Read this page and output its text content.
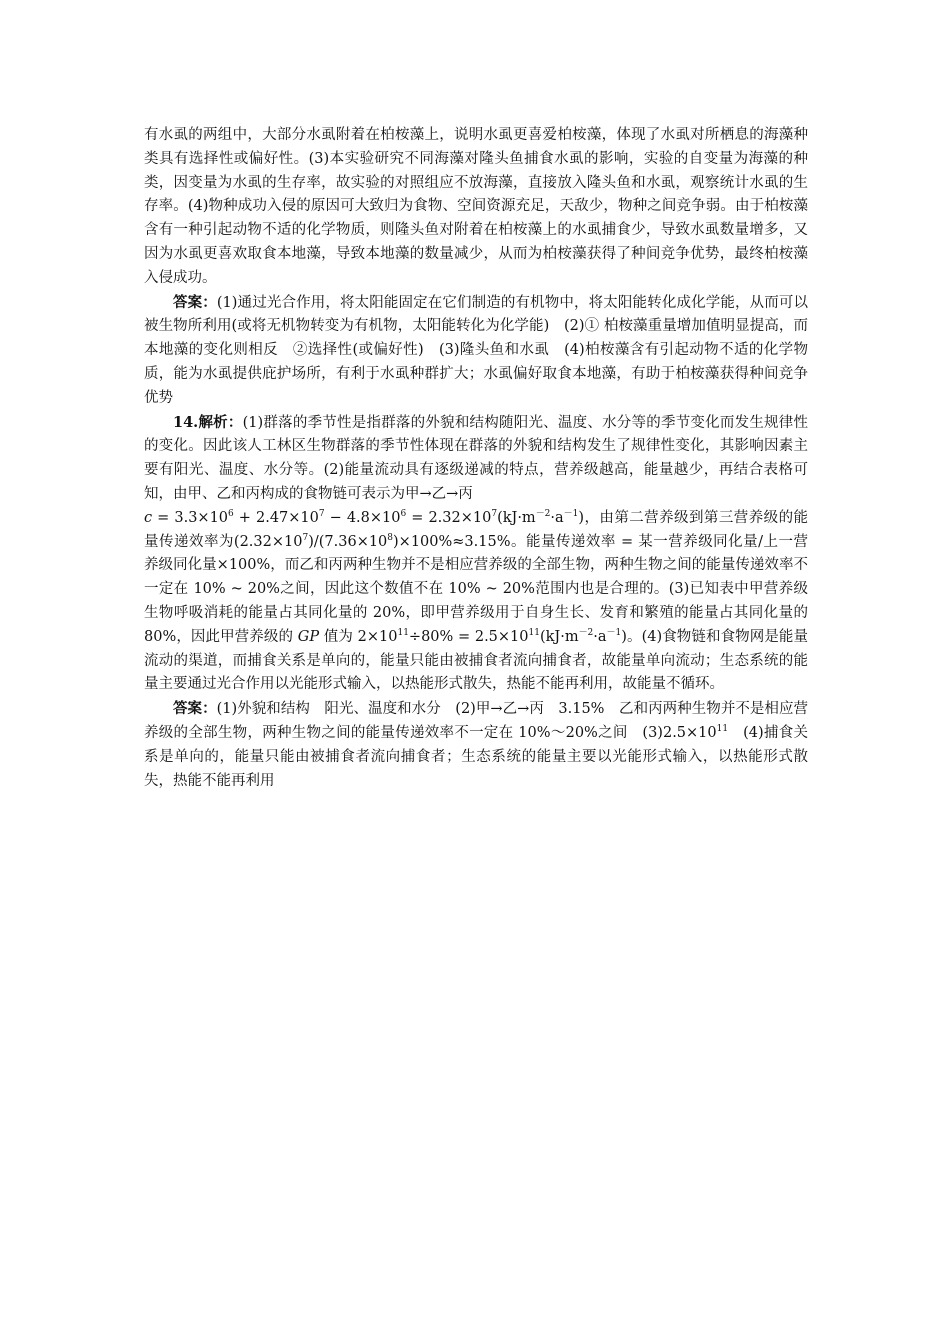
有水虱的两组中，大部分水虱附着在柏桉藻上，说明水虱更喜爱柏桉藻，体现了水虱对所栖息的海藻种类具有选择性或偏好性。(3)本实验研究不同海藻对隆头鱼捕食水虱的影响，实验的自变量为海藻的种类，因变量为水虱的生存率，故实验的对照组应不放海藻，直接放入隆头鱼和水虱，观察统计水虱的生存率。(4)物种成功入侵的原因可大致归为食物、空间资源充足，天敌少，物种之间竞争弱。由于柏桉藻含有一种引起动物不适的化学物质，则隆头鱼对附着在柏桉藻上的水虱捕食少，导致水虱数量增多，又因为水虱更喜欢取食本地藻，导致本地藻的数量减少，从而为柏桉藻获得了种间竞争优势，最终柏桉藻入侵成功。

答案：(1)通过光合作用，将太阳能固定在它们制造的有机物中，将太阳能转化成化学能，从而可以被生物所利用(或将无机物转变为有机物，太阳能转化为化学能)　(2)① 柏桉藻重量增加值明显提高，而本地藻的变化则相反　②选择性(或偏好性)　(3)隆头鱼和水虱　(4)柏桉藻含有引起动物不适的化学物质，能为水虱提供庇护场所，有利于水虱种群扩大；水虱偏好取食本地藻，有助于柏桉藻获得种间竞争优势

14.解析：(1)群落的季节性是指群落的外貌和结构随阳光、温度、水分等的季节变化而发生规律性的变化。因此该人工林区生物群落的季节性体现在群落的外貌和结构发生了规律性变化，其影响因素主要有阳光、温度、水分等。(2)能量流动具有逐级递减的特点，营养级越高，能量越少，再结合表格可知，由甲、乙和丙构成的食物链可表示为甲→乙→丙
$c = 3.3\times 10^6 + 2.47\times 10^7 - 4.8\times 10^6 = 2.32\times 10^7(kJ\cdot m^{-2}\cdot a^{-1})$，由第二营养级到第三营养级的能量传递效率为$(2.32\times 10^7)/(7.36\times 10^8)\times 100\%\approx 3.15\%$。能量传递效率 = 某一营养级同化量/上一营养级同化量×100%，而乙和丙两种生物并不是相应营养级的全部生物，两种生物之间的能量传递效率不一定在 10% ~ 20%之间，因此这个数值不在 10% ~ 20%范围内也是合理的。(3)已知表中甲营养级生物呼吸消耗的能量占其同化量的 20%，即甲营养级用于自身生长、发育和繁殖的能量占其同化量的 80%，因此甲营养级的 GP 值为 $2\times 10^{11}\div 80\% = 2.5\times 10^{11}(kJ\cdot m^{-2}\cdot a^{-1})$。(4)食物链和食物网是能量流动的渠道，而捕食关系是单向的，能量只能由被捕食者流向捕食者，故能量单向流动；生态系统的能量主要通过光合作用以光能形式输入，以热能形式散失，热能不能再利用，故能量不循环。

答案：(1)外貌和结构　阳光、温度和水分　(2)甲→乙→丙　3.15%　乙和丙两种生物并不是相应营养级的全部生物，两种生物之间的能量传递效率不一定在 10%～20%之间　$(3)2.5\times 10^{11}$　(4)捕食关系是单向的，能量只能由被捕食者流向捕食者；生态系统的能量主要以光能形式输入，以热能形式散失，热能不能再利用
